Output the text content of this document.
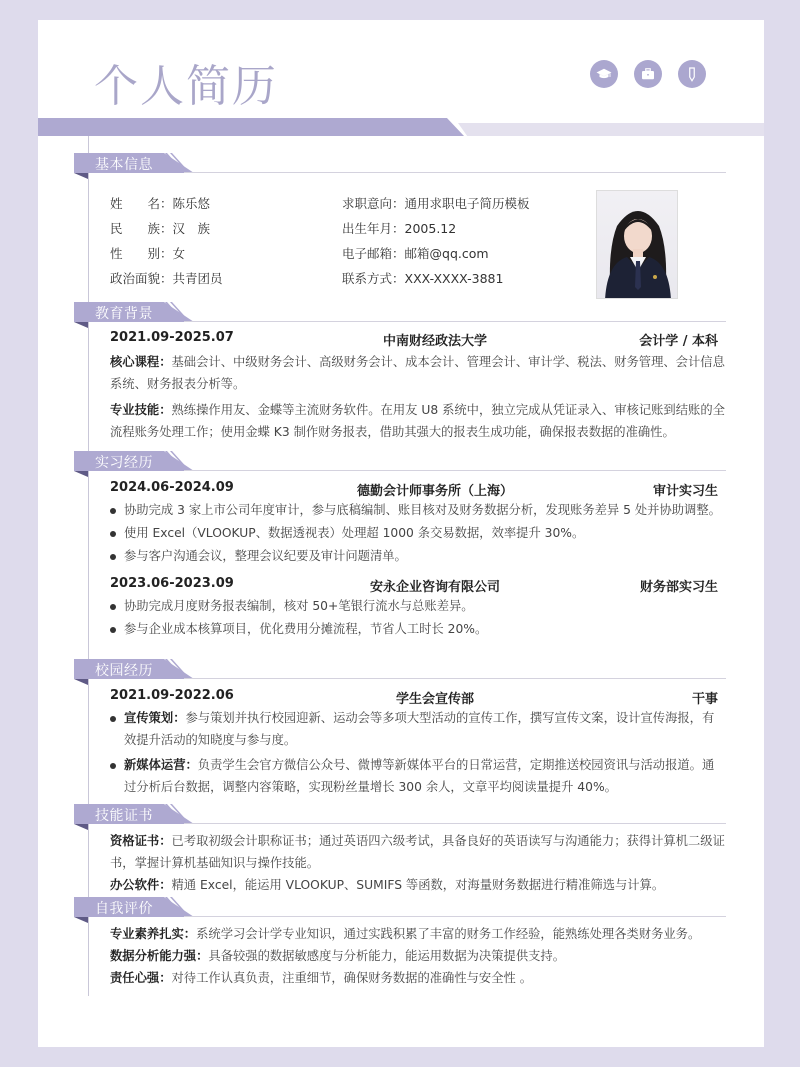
个人简历
基本信息
姓　　名：陈乐悠
民　　族：汉　族
性　　别：女
政治面貌：共青团员
求职意向：通用求职电子简历模板
出生年月：2005.12
电子邮箱：邮箱@qq.com
联系方式：XXX-XXXX-3881
教育背景
2021.09-2025.07	中南财经政法大学	会计学 / 本科
核心课程：基础会计、中级财务会计、高级财务会计、成本会计、管理会计、审计学、税法、财务管理、会计信息系统、财务报表分析等。
专业技能：熟练操作用友、金蝶等主流财务软件。在用友 U8 系统中，独立完成从凭证录入、审核记账到结账的全流程账务处理工作；使用金蝶 K3 制作财务报表，借助其强大的报表生成功能，确保报表数据的准确性。
实习经历
2024.06-2024.09	德勤会计师事务所（上海）	审计实习生
协助完成 3 家上市公司年度审计，参与底稿编制、账目核对及财务数据分析，发现账务差异 5 处并协助调整。
使用 Excel（VLOOKUP、数据透视表）处理超 1000 条交易数据，效率提升 30%。
参与客户沟通会议，整理会议纪要及审计问题清单。
2023.06-2023.09	安永企业咨询有限公司	财务部实习生
协助完成月度财务报表编制，核对 50+笔银行流水与总账差异。
参与企业成本核算项目，优化费用分摊流程，节省人工时长 20%。
校园经历
2021.09-2022.06	学生会宣传部	干事
宣传策划：参与策划并执行校园迎新、运动会等多项大型活动的宣传工作，撰写宣传文案，设计宣传海报，有效提升活动的知晓度与参与度。
新媒体运营：负责学生会官方微信公众号、微博等新媒体平台的日常运营，定期推送校园资讯与活动报道。通过分析后台数据，调整内容策略，实现粉丝量增长 300 余人，文章平均阅读量提升 40%。
技能证书
资格证书：已考取初级会计职称证书；通过英语四六级考试，具备良好的英语读写与沟通能力；获得计算机二级证书，掌握计算机基础知识与操作技能。
办公软件：精通 Excel，能运用 VLOOKUP、SUMIFS 等函数，对海量财务数据进行精准筛选与计算。
自我评价
专业素养扎实：系统学习会计学专业知识，通过实践积累了丰富的财务工作经验，能熟练处理各类财务业务。
数据分析能力强：具备较强的数据敏感度与分析能力，能运用数据为决策提供支持。
责任心强：对待工作认真负责，注重细节，确保财务数据的准确性与安全性 。
